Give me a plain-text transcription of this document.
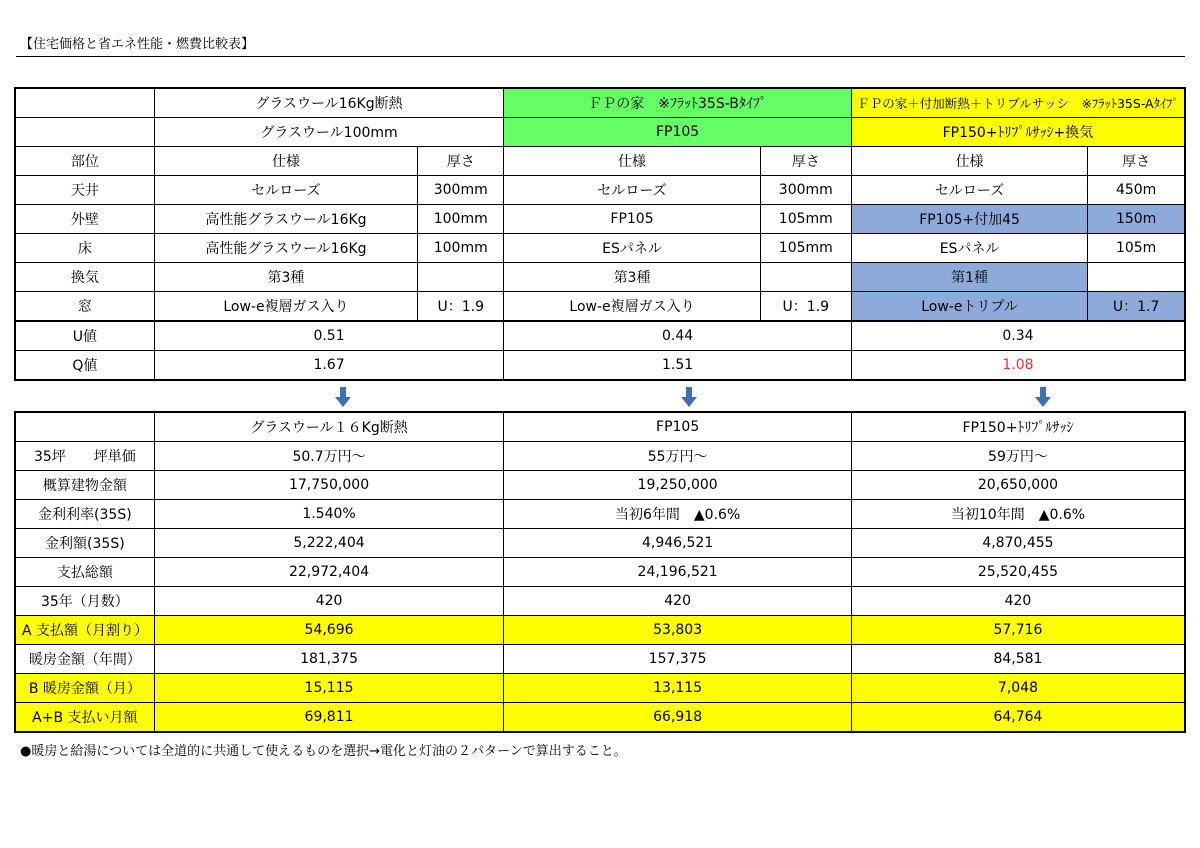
【住宅価格と省エネ性能・燃費比較表】
	グラスウール16Kg断熱		ＦＰの家　※ﾌﾗｯﾄ35S-Bﾀｲﾌﾟ		ＦＰの家＋付加断熱＋トリプルサッシ　※ﾌﾗｯﾄ35S-Aﾀｲﾌﾟ	
	グラスウール100mm		FP105		FP150+ﾄﾘﾌﾟﾙｻｯｼ+換気	
部位	仕様	厚さ	仕様	厚さ	仕様	厚さ
天井	セルローズ	300mm	セルローズ	300mm	セルローズ	450m
外壁	高性能グラスウール16Kg	100mm	FP105	105mm	FP105+付加45	150m
床	高性能グラスウール16Kg	100mm	ESパネル	105mm	ESパネル	105m
換気	第3種		第3種		第1種	
窓	Low-e複層ガス入り	U：1.9	Low-e複層ガス入り	U：1.9	Low-eトリプル	U：1.7
U値	0.51		0.44		0.34	
Q値	1.67		1.51		1.08	
	グラスウール１６Kg断熱	FP105	FP150+ﾄﾘﾌﾟﾙｻｯｼ
35坪　　坪単価	50.7万円～	55万円～	59万円～
概算建物金額	17,750,000	19,250,000	20,650,000
金利利率(35S)	1.540%	当初6年間　▲0.6%	当初10年間　▲0.6%
金利額(35S)	5,222,404	4,946,521	4,870,455
支払総額	22,972,404	24,196,521	25,520,455
35年（月数）	420	420	420
A 支払額（月割り）	54,696	53,803	57,716
暖房金額（年間）	181,375	157,375	84,581
B 暖房金額（月）	15,115	13,115	7,048
A+B 支払い月額	69,811	66,918	64,764
●暖房と給湯については全道的に共通して使えるものを選択→電化と灯油の２パターンで算出すること。
